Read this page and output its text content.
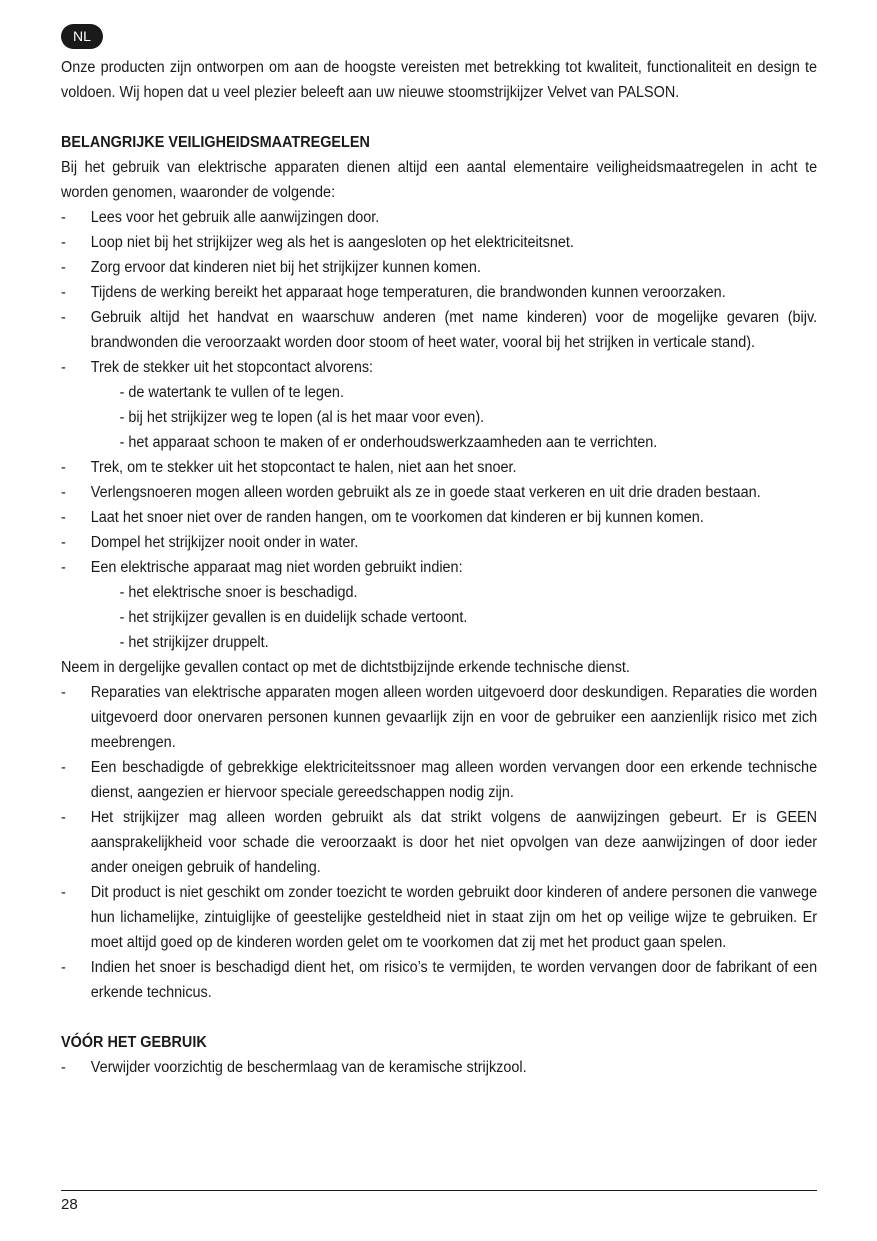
NL

Onze producten zijn ontworpen om aan de hoogste vereisten met betrekking tot kwaliteit, functionaliteit en design te voldoen. Wij hopen dat u veel plezier beleeft aan uw nieuwe stoomstrijkijzer Velvet van PALSON.

BELANGRIJKE VEILIGHEIDSMAATREGELEN

Bij het gebruik van elektrische apparaten dienen altijd een aantal elementaire veiligheidsmaatregelen in acht te worden genomen, waaronder de volgende:

- Lees voor het gebruik alle aanwijzingen door.
- Loop niet bij het strijkijzer weg als het is aangesloten op het elektriciteitsnet.
- Zorg ervoor dat kinderen niet bij het strijkijzer kunnen komen.
- Tijdens de werking bereikt het apparaat hoge temperaturen, die brandwonden kunnen veroorzaken.
- Gebruik altijd het handvat en waarschuw anderen (met name kinderen) voor de mogelijke gevaren (bijv. brandwonden die veroorzaakt worden door stoom of heet water, vooral bij het strijken in verticale stand).
- Trek de stekker uit het stopcontact alvorens:
- de watertank te vullen of te legen.
- bij het strijkijzer weg te lopen (al is het maar voor even).
- het apparaat schoon te maken of er onderhoudswerkzaamheden aan te verrichten.
- Trek, om te stekker uit het stopcontact te halen, niet aan het snoer.
- Verlengsnoeren mogen alleen worden gebruikt als ze in goede staat verkeren en uit drie draden bestaan.
- Laat het snoer niet over de randen hangen, om te voorkomen dat kinderen er bij kunnen komen.
- Dompel het strijkijzer nooit onder in water.
- Een elektrische apparaat mag niet worden gebruikt indien:
- het elektrische snoer is beschadigd.
- het strijkijzer gevallen is en duidelijk schade vertoont.
- het strijkijzer druppelt.

Neem in dergelijke gevallen contact op met de dichtstbijzijnde erkende technische dienst.

- Reparaties van elektrische apparaten mogen alleen worden uitgevoerd door deskundigen. Reparaties die worden uitgevoerd door onervaren personen kunnen gevaarlijk zijn en voor de gebruiker een aanzienlijk risico met zich meebrengen.
- Een beschadigde of gebrekkige elektriciteitssnoer mag alleen worden vervangen door een erkende technische dienst, aangezien er hiervoor speciale gereedschappen nodig zijn.
- Het strijkijzer mag alleen worden gebruikt als dat strikt volgens de aanwijzingen gebeurt. Er is GEEN aansprakelijkheid voor schade die veroorzaakt is door het niet opvolgen van deze aanwijzingen of door ieder ander oneigen gebruik of handeling.
- Dit product is niet geschikt om zonder toezicht te worden gebruikt door kinderen of andere personen die vanwege hun lichamelijke, zintuiglijke of geestelijke gesteldheid niet in staat zijn om het op veilige wijze te gebruiken. Er moet altijd goed op de kinderen worden gelet om te voorkomen dat zij met het product gaan spelen.
- Indien het snoer is beschadigd dient het, om risico’s te vermijden, te worden vervangen door de fabrikant of een erkende technicus.
VÓÓR HET GEBRUIK
- Verwijder voorzichtig de beschermlaag van de keramische strijkzool.
28
